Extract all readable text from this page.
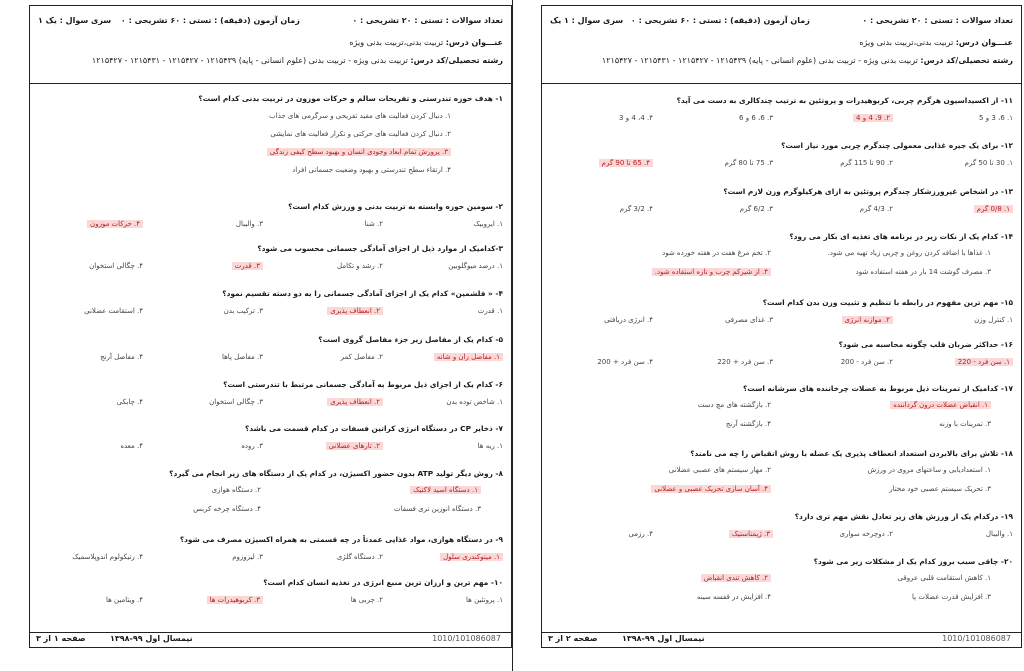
تعداد سوالات : تستی : ۲۰ تشریحی : ۰ زمان آزمون (دقیقه) : تستی : ۶۰ تشریحی : ۰
سری سوال : یک ۱
عنـــوان درس: تربیت بدنی،تربیت بدنی ویژه
رشته تحصیلی/کد درس: تربیت بدنی ویژه - تربیت بدنی (علوم انسانی - پایه) ۱۲۱۵۴۳۹ - ۱۲۱۵۴۲۷ - ۱۲۱۵۴۳۱ - ۱۲۱۵۴۲۷
۱- هدف حوزه تندرستی و تفریحات سالم و حرکات موزون در تربیت بدنی کدام است؟
۱. دنبال کردن فعالیت های مفید تفریحی و سرگرمی های جذاب
۲. دنبال کردن فعالیت های حرکتی و تکرار فعالیت های نمایشی
۳. پرورش تمام ابعاد وجودی انسان و بهبود سطح کیفی زندگی
۴. ارتقاء سطح تندرستی و بهبود وضعیت جسمانی افراد
۲- سومین حوزه وابسته به تربیت بدنی و ورزش کدام است؟
۱. ایروبیک
۲. شنا
۳. والیبال
۴. حرکات موزون
۳-کدامیک از موارد ذیل از اجزای آمادگی جسمانی محسوب می شود؟
۱. درصد میوگلوبین
۲. رشد و تکامل
۳. قدرت
۴. چگالی استخوان
۴- « فلشمین» کدام یک از اجزای آمادگی جسمانی را به دو دسته تقسیم نمود؟
۱. قدرت
۲. انعطاف پذیری
۳. ترکیب بدن
۴. استقامت عضلانی
۵- کدام یک از مفاصل زیر جزء مفاصل گروی است؟
۱. مفاصل ران و شانه
۲. مفاصل کمر
۳. مفاصل پاها
۴. مفاصل آرنج
۶- کدام یک از اجزای ذیل مربوط به آمادگی جسمانی مرتبط با تندرستی است؟
۱. شاخص توده بدن
۲. انعطاف پذیری
۳. چگالی استخوان
۴. چابکی
۷- ذخایر CP در دستگاه انرژی کراتین فسفات در کدام قسمت می باشد؟
۱. ریه ها
۲. تارهای عضلانی
۳. روده
۴. معده
۸- روش دیگر تولید ATP بدون حضور اکسیژن، در کدام یک از دستگاه های زیر انجام می گیرد؟
۱. دستگاه اسید لاکتیک
۲. دستگاه هوازی
۳. دستگاه انوزین تری فسفات
۴. دستگاه چرخه کربس
۹- در دستگاه هوازی، مواد غذایی عمدتاً در چه قسمتی به همراه اکسیژن مصرف می شود؟
۱. میتوکندری سلول
۲. دستگاه گلژی
۳. لیزوزوم
۴. رتیکولوم اندوپلاسمیک
۱۰- مهم ترین و ارزان ترین منبع انرژی در تغذیه انسان کدام است؟
۱. پروتئین ها
۲. چربی ها
۳. کربوهیدرات ها
۴. ویتامین ها
صفحه ۱ از ۳	نیمسال اول ۹۹-۱۳۹۸	1010/101086087
تعداد سوالات : تستی : ۲۰ تشریحی : ۰ زمان آزمون (دقیقه) : تستی : ۶۰ تشریحی : ۰
سری سوال : ۱ یک
عنـــوان درس: تربیت بدنی،تربیت بدنی ویژه
رشته تحصیلی/کد درس: تربیت بدنی ویژه - تربیت بدنی (علوم انسانی - پایه) ۱۲۱۵۴۳۹ - ۱۲۱۵۴۲۷ - ۱۲۱۵۴۳۱ - ۱۲۱۵۴۲۷
۱۱- از اکسیداسیون هرگرم چربی، کربوهیدرات و پروتئین به ترتیب چندکالری به دست می آید؟
۱. 6، 3 و 5
۲. 9، 4 و 4
۳. 6، 6 و 6
۴. 4، 4 و 3
۱۲- برای یک جیره غذایی معمولی چندگرم چربی مورد نیاز است؟
۱. 30 تا 50 گرم
۲. 90 تا 115 گرم
۳. 75 تا 80 گرم
۴. 65 تا 90 گرم
۱۳- در اشخاص غیرورزشکار چندگرم پروتئین به ازای هرکیلوگرم وزن لازم است؟
۱. 0/8 گرم
۲. 4/3 گرم
۳. 6/2 گرم
۴. 3/2 گرم
۱۴- کدام یک از نکات زیر در برنامه های تغذیه ای بکار می رود؟
۱. غذاها با اضافه کردن روغن و چربی زیاد تهیه می شود.
۲. تخم مرغ هفت در هفته خورده شود
۳. مصرف گوشت 14 بار در هفته استفاده شود
۴. از شیرکم چرب و تازه استفاده شود.
۱۵- مهم ترین مفهوم در رابطه با تنظیم و تثبیت وزن بدن کدام است؟
۱. کنترل وزن
۲. موازنه انرژی
۳. غذای مصرفی
۴. انرژی دریافتی
۱۶- حداکثر ضربان قلب چگونه محاسبه می شود؟
۱. سن فرد - 220
۲. سن فرد - 200
۳. سن فرد + 220
۴. سن فرد + 200
۱۷- کدامیک از تمرینات ذیل مربوط به عضلات چرخاننده های سرشانه است؟
۱. انقباض عضلات درون گرداننده
۲. بازگشته های مچ دست
۳. تمرینات با وزنه
۴. بازگشته آرنج
۱۸- تلاش برای بالابردن استعداد انعطاف پذیری یک عضله با روش انقباض را چه می نامند؟
۱. استعدادیابی و ساعتهای مروی در ورزش
۲. مهار سیستم های عصبی عضلانی
۳. تحریک سیستم عصبی خود مختار
۴. آسان سازی تحریک عصبی و عضلانی
۱۹- درکدام یک از ورزش های زیر تعادل نقش مهم تری دارد؟
۱. والیبال
۲. دوچرخه سواری
۳. ژیمناستیک
۴. رزمی
۲۰- چاقی سبب بروز کدام یک از مشکلات زیر می شود؟
۱. کاهش استقامت قلبی عروقی
۲. کاهش تندی انقباض
۳. افزایش قدرت عضلات پا
۴. افزایش در قفسه سینه
صفحه ۲ از ۳	نیمسال اول ۹۹-۱۳۹۸	1010/101086087
